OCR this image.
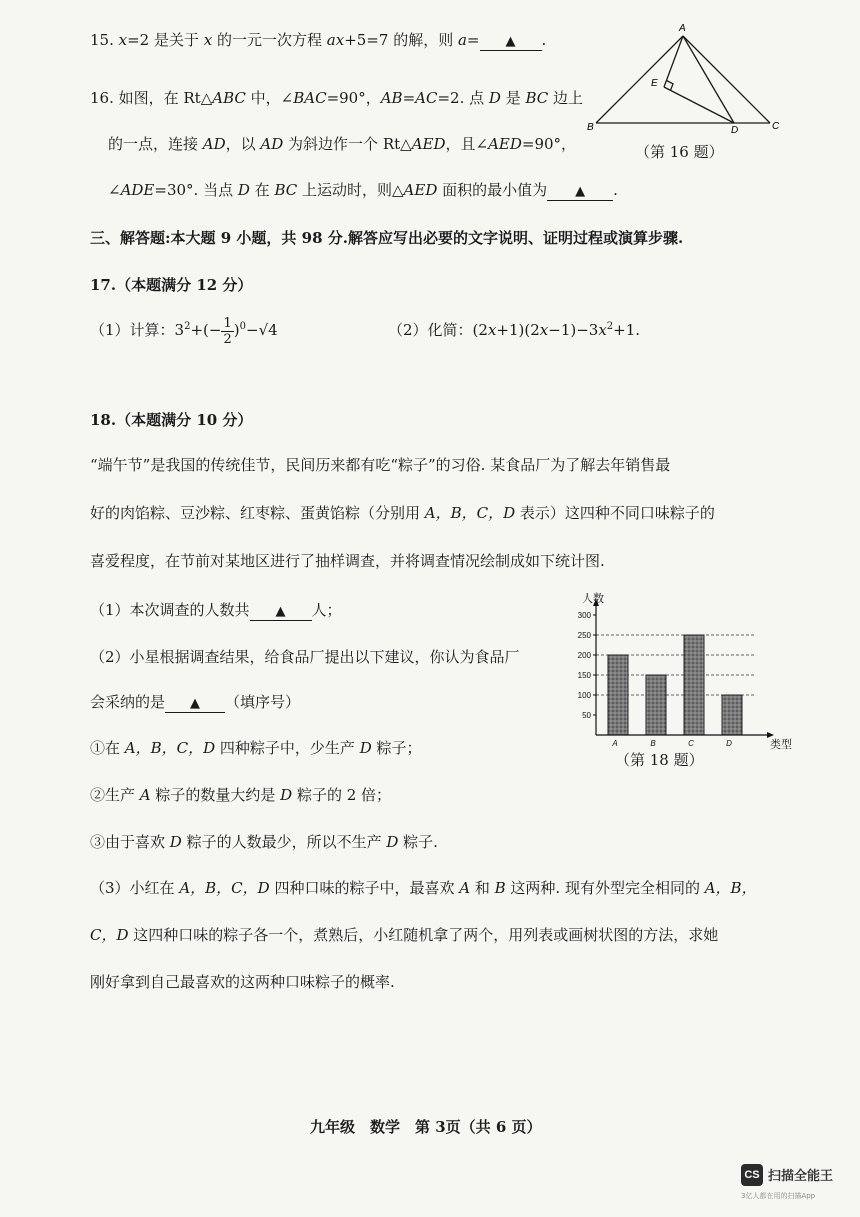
15. x=2 是关于 x 的一元一次方程 ax+5=7 的解，则 a= ▲ .
A
B	C
D
E
（第 16 题）
16. 如图，在 Rt△ABC 中，∠BAC=90°，AB=AC=2. 点 D 是 BC 边上
的一点，连接 AD，以 AD 为斜边作一个 Rt△AED，且∠AED=90°，
∠ADE=30°. 当点 D 在 BC 上运动时，则△AED 面积的最小值为 ▲ .
三、解答题:本大题 9 小题，共 98 分.解答应写出必要的文字说明、证明过程或演算步骤.
17.（本题满分 12 分）
（1）计算：$3^2+(- \frac{1}{2} )^0-√4$	（2）化简：$(2x+1)(2x-1)-3x^2+1$.
18.（本题满分 10 分）
“端午节”是我国的传统佳节，民间历来都有吃“粽子”的习俗. 某食品厂为了解去年销售最
好的肉馅粽、豆沙粽、红枣粽、蛋黄馅粽（分别用 A，B，C，D 表示）这四种不同口味粽子的
喜爱程度，在节前对某地区进行了抽样调查，并将调查情况绘制成如下统计图.
（1）本次调查的人数共 ▲ 人；
（2）小星根据调查结果，给食品厂提出以下建议，你认为食品厂
会采纳的是 ▲ （填序号）
①在 A，B，C，D 四种粽子中，少生产 D 粽子；
②生产 A 粽子的数量大约是 D 粽子的 2 倍；
③由于喜欢 D 粽子的人数最少，所以不生产 D 粽子.
（3）小红在 A，B，C，D 四种口味的粽子中，最喜欢 A 和 B 这两种. 现有外型完全相同的 A，B，
C，D 这四种口味的粽子各一个，煮熟后，小红随机拿了两个，用列表或画树状图的方法，求她
刚好拿到自己最喜欢的这两种口味粽子的概率.
50
100
150
200
250
300
A	B	C	D
人数
类型
（第 18 题）
九年级　数学　第 3页（共 6 页）
CS 扫描全能王
3亿人都在用的扫描App
